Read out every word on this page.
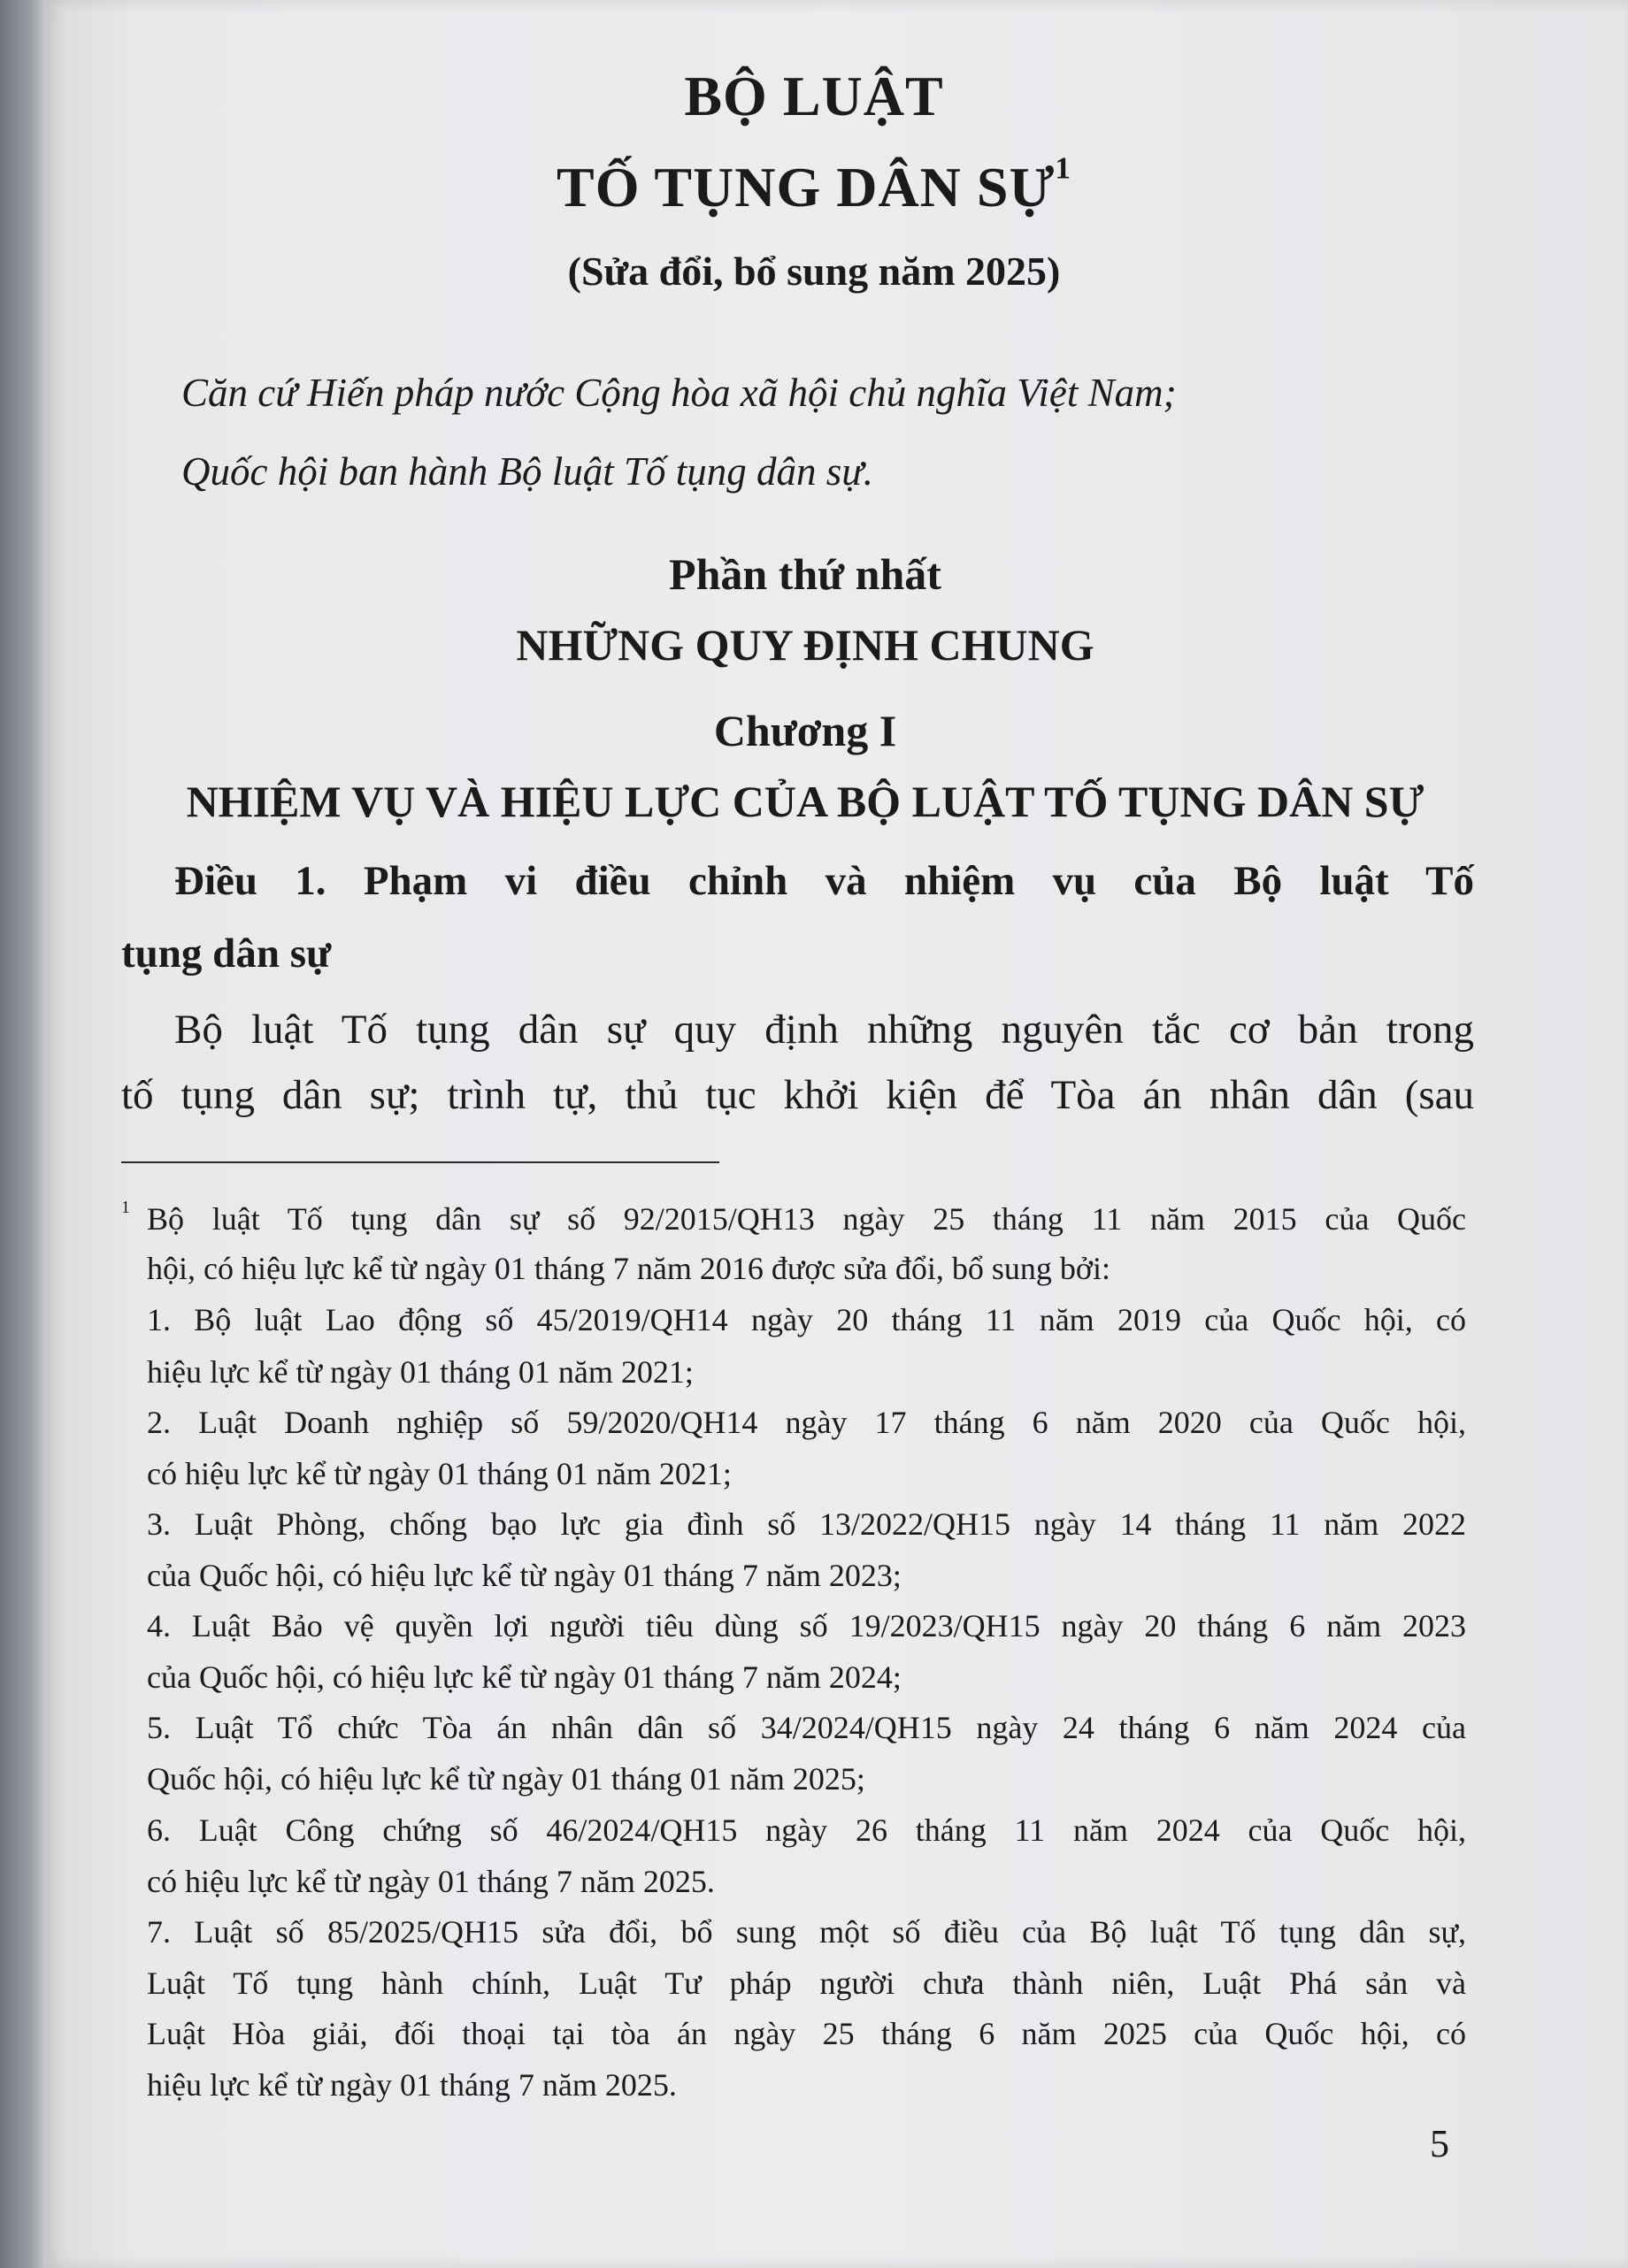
BỘ LUẬT
TỐ TỤNG DÂN SỰ$^1$
(Sửa đổi, bổ sung năm 2025)
Căn cứ Hiến pháp nước Cộng hòa xã hội chủ nghĩa Việt Nam;
Quốc hội ban hành Bộ luật Tố tụng dân sự.
Phần thứ nhất
NHỮNG QUY ĐỊNH CHUNG
Chương I
NHIỆM VỤ VÀ HIỆU LỰC CỦA BỘ LUẬT TỐ TỤNG DÂN SỰ
Điều 1. Phạm vi điều chỉnh và nhiệm vụ của Bộ luật Tố
tụng dân sự
Bộ luật Tố tụng dân sự quy định những nguyên tắc cơ bản trong
tố tụng dân sự; trình tự, thủ tục khởi kiện để Tòa án nhân dân (sau
$^1$ Bộ luật Tố tụng dân sự số 92/2015/QH13 ngày 25 tháng 11 năm 2015 của Quốc
hội, có hiệu lực kể từ ngày 01 tháng 7 năm 2016 được sửa đổi, bổ sung bởi:
1. Bộ luật Lao động số 45/2019/QH14 ngày 20 tháng 11 năm 2019 của Quốc hội, có
hiệu lực kể từ ngày 01 tháng 01 năm 2021;
2. Luật Doanh nghiệp số 59/2020/QH14 ngày 17 tháng 6 năm 2020 của Quốc hội,
có hiệu lực kể từ ngày 01 tháng 01 năm 2021;
3. Luật Phòng, chống bạo lực gia đình số 13/2022/QH15 ngày 14 tháng 11 năm 2022
của Quốc hội, có hiệu lực kể từ ngày 01 tháng 7 năm 2023;
4. Luật Bảo vệ quyền lợi người tiêu dùng số 19/2023/QH15 ngày 20 tháng 6 năm 2023
của Quốc hội, có hiệu lực kể từ ngày 01 tháng 7 năm 2024;
5. Luật Tổ chức Tòa án nhân dân số 34/2024/QH15 ngày 24 tháng 6 năm 2024 của
Quốc hội, có hiệu lực kể từ ngày 01 tháng 01 năm 2025;
6. Luật Công chứng số 46/2024/QH15 ngày 26 tháng 11 năm 2024 của Quốc hội,
có hiệu lực kể từ ngày 01 tháng 7 năm 2025.
7. Luật số 85/2025/QH15 sửa đổi, bổ sung một số điều của Bộ luật Tố tụng dân sự,
Luật Tố tụng hành chính, Luật Tư pháp người chưa thành niên, Luật Phá sản và
Luật Hòa giải, đối thoại tại tòa án ngày 25 tháng 6 năm 2025 của Quốc hội, có
hiệu lực kể từ ngày 01 tháng 7 năm 2025.
5
